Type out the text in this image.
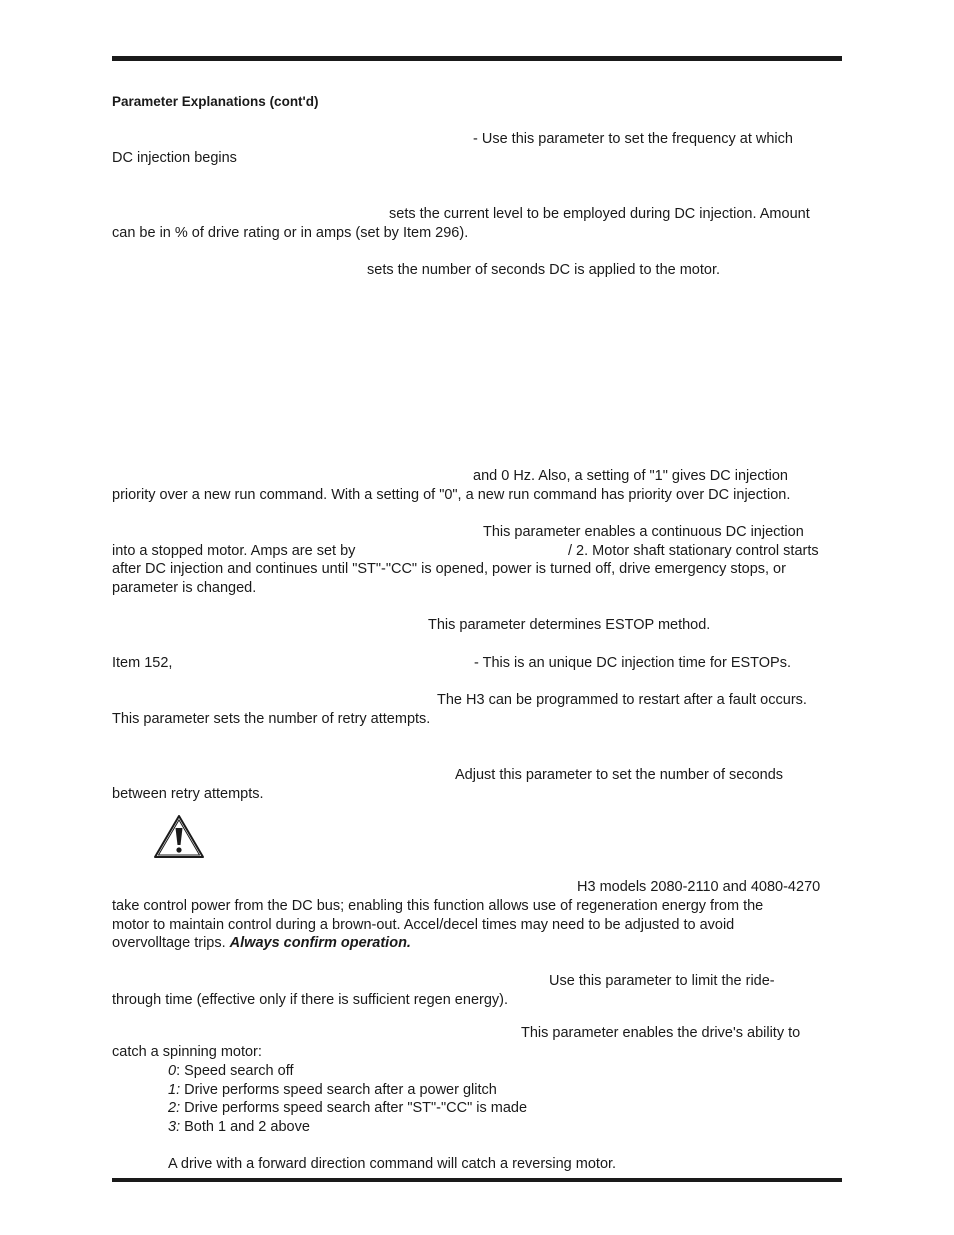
Parameter Explanations (cont'd)
- Use this parameter to set the frequency at which
DC injection begins
sets the current level to be employed during DC injection. Amount
can be in % of drive rating or in amps (set by Item 296).
sets the number of seconds DC is applied to the motor.
and 0 Hz. Also, a setting of "1" gives DC injection
priority over a new run command. With a setting of "0", a new run command has priority over DC injection.
This parameter enables a continuous DC injection
into a stopped motor. Amps are set by	/ 2. Motor shaft stationary control starts
after DC injection and continues until "ST"-"CC" is opened, power is turned off, drive emergency stops, or
parameter is changed.
This parameter determines ESTOP method.
Item 152,	- This is an unique DC injection time for ESTOPs.
The H3 can be programmed to restart after a fault occurs.
This parameter sets the number of retry attempts.
Adjust this parameter to set the number of seconds
between retry attempts.
H3 models 2080-2110 and 4080-4270
take control power from the DC bus; enabling this function allows use of regeneration energy from the
motor to maintain control during a brown-out. Accel/decel times may need to be adjusted to avoid
overvolltage trips. Always confirm operation.
Use this parameter to limit the ride-
through time (effective only if there is sufficient regen energy).
This parameter enables the drive's ability to
catch a spinning motor:
0: Speed search off
1: Drive performs speed search after a power glitch
2: Drive performs speed search after "ST"-"CC" is made
3: Both 1 and 2 above
A drive with a forward direction command will catch a reversing motor.
